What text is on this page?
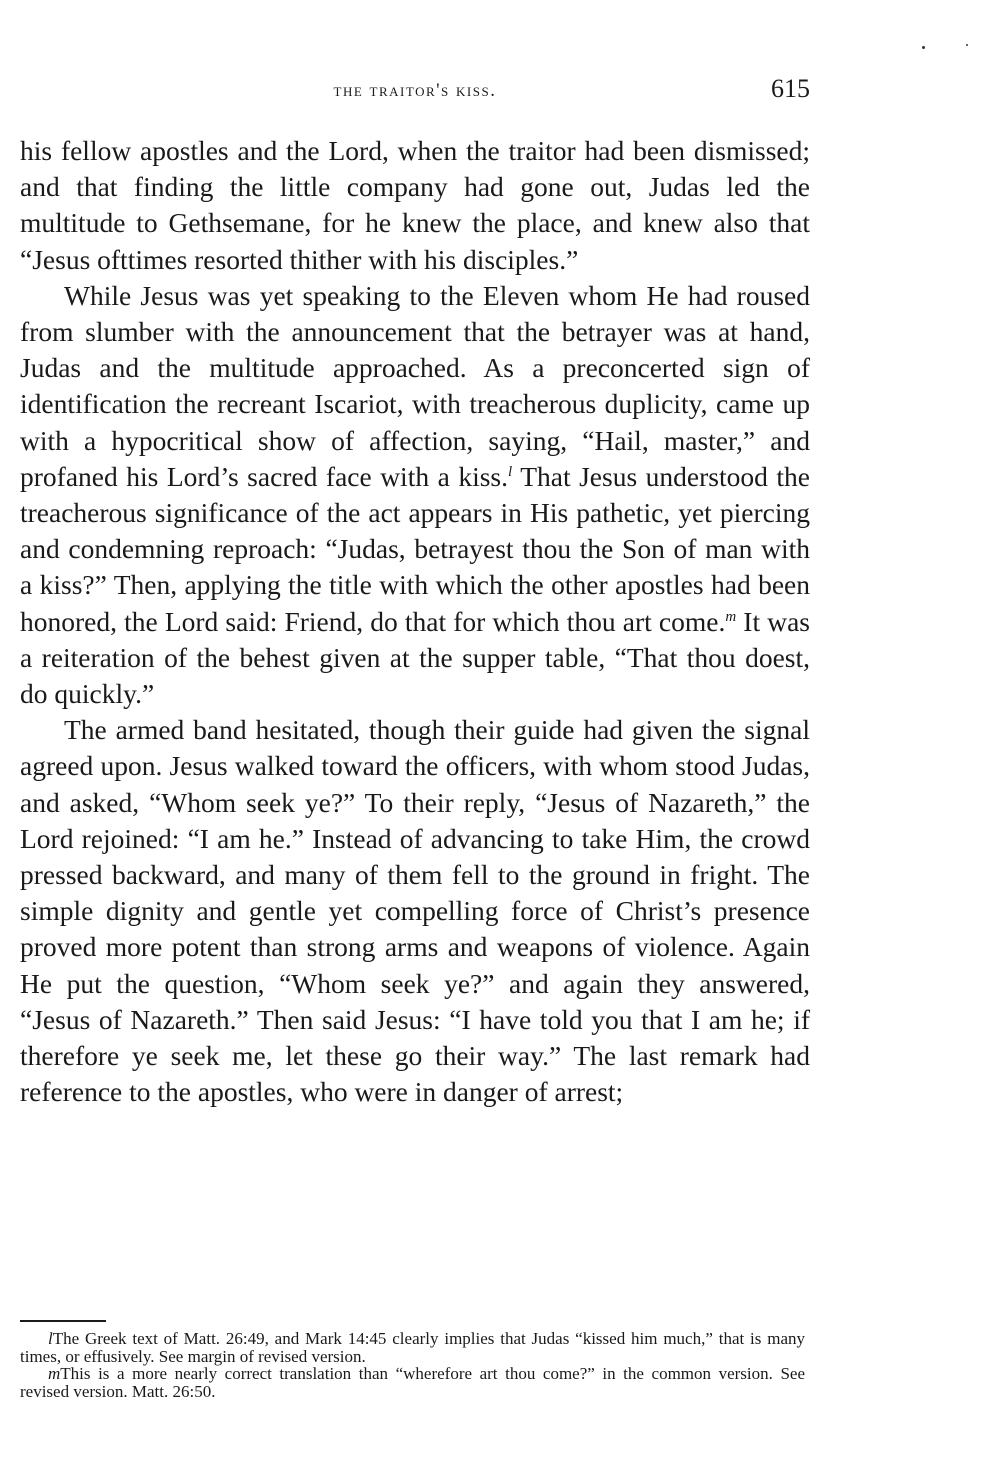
the traitor's kiss.	615

his fellow apostles and the Lord, when the traitor had been dismissed; and that finding the little company had gone out, Judas led the multitude to Gethsemane, for he knew the place, and knew also that “Jesus ofttimes resorted thither with his disciples.”

While Jesus was yet speaking to the Eleven whom He had roused from slumber with the announcement that the betrayer was at hand, Judas and the multitude approached. As a preconcerted sign of identification the recreant Iscariot, with treacherous duplicity, came up with a hypocritical show of affection, saying, “Hail, master,” and profaned his Lord’s sacred face with a kiss.$^l$ That Jesus understood the treacherous significance of the act appears in His pathetic, yet piercing and condemning reproach: “Judas, betrayest thou the Son of man with a kiss?” Then, applying the title with which the other apostles had been honored, the Lord said: Friend, do that for which thou art come.$^m$ It was a reiteration of the behest given at the supper table, “That thou doest, do quickly.”

The armed band hesitated, though their guide had given the signal agreed upon. Jesus walked toward the officers, with whom stood Judas, and asked, “Whom seek ye?” To their reply, “Jesus of Nazareth,” the Lord rejoined: “I am he.” Instead of advancing to take Him, the crowd pressed backward, and many of them fell to the ground in fright. The simple dignity and gentle yet compelling force of Christ’s presence proved more potent than strong arms and weapons of violence. Again He put the question, “Whom seek ye?” and again they answered, “Jesus of Nazareth.” Then said Jesus: “I have told you that I am he; if therefore ye seek me, let these go their way.” The last remark had reference to the apostles, who were in danger of arrest;

lThe Greek text of Matt. 26:49, and Mark 14:45 clearly implies that Judas “kissed him much,” that is many times, or effusively. See margin of revised version.

mThis is a more nearly correct translation than “wherefore art thou come?” in the common version. See revised version. Matt. 26:50.
